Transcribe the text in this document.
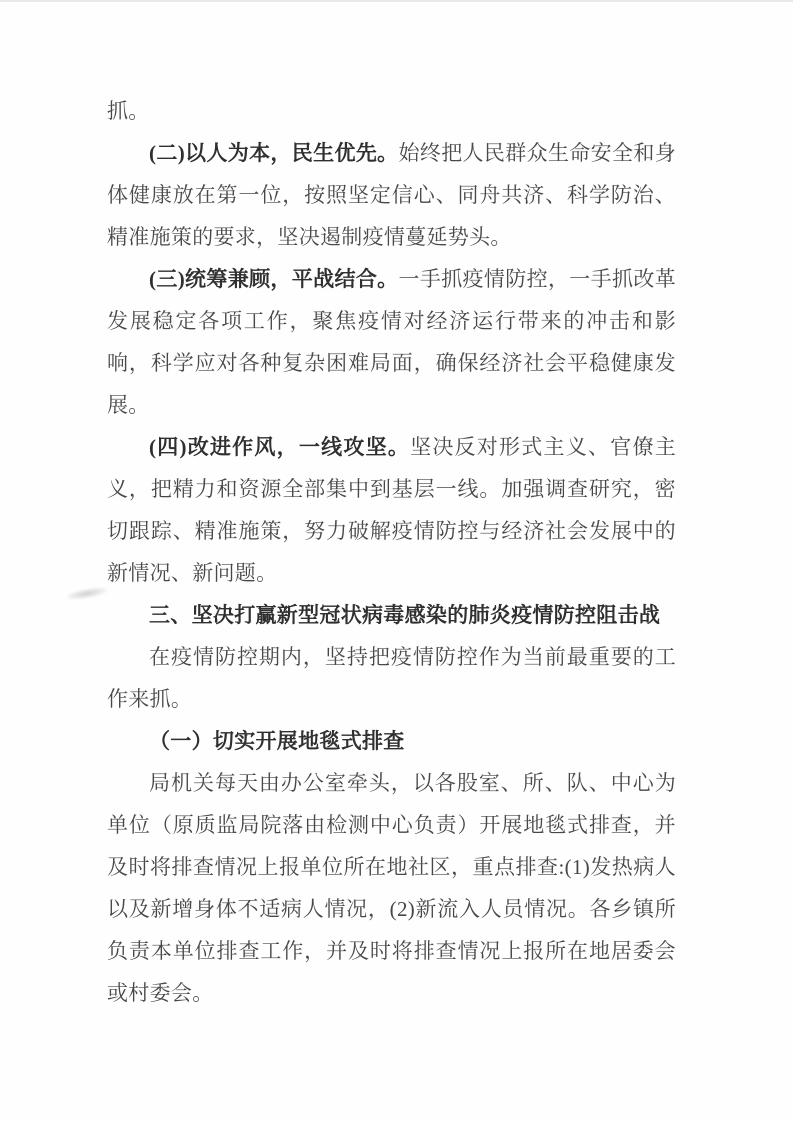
抓。

(二)以人为本，民生优先。始终把人民群众生命安全和身体健康放在第一位，按照坚定信心、同舟共济、科学防治、精准施策的要求，坚决遏制疫情蔓延势头。

(三)统筹兼顾，平战结合。一手抓疫情防控，一手抓改革发展稳定各项工作，聚焦疫情对经济运行带来的冲击和影响，科学应对各种复杂困难局面，确保经济社会平稳健康发展。

(四)改进作风，一线攻坚。坚决反对形式主义、官僚主义，把精力和资源全部集中到基层一线。加强调查研究，密切跟踪、精准施策，努力破解疫情防控与经济社会发展中的新情况、新问题。

三、坚决打赢新型冠状病毒感染的肺炎疫情防控阻击战

在疫情防控期内，坚持把疫情防控作为当前最重要的工作来抓。

（一）切实开展地毯式排查

局机关每天由办公室牵头，以各股室、所、队、中心为单位（原质监局院落由检测中心负责）开展地毯式排查，并及时将排查情况上报单位所在地社区，重点排查:(1)发热病人以及新增身体不适病人情况，(2)新流入人员情况。各乡镇所负责本单位排查工作，并及时将排查情况上报所在地居委会或村委会。
